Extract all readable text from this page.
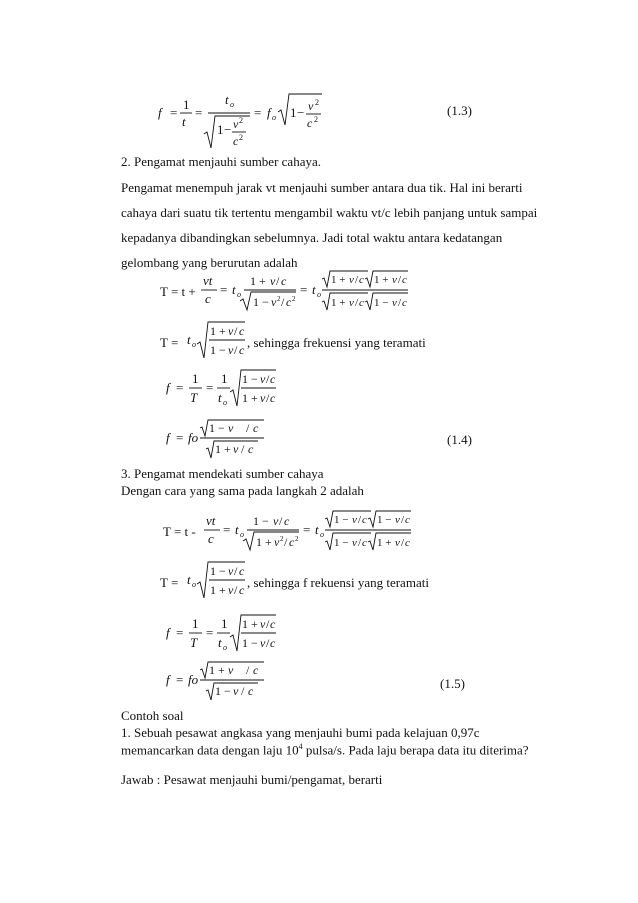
f =
1
t
=
t o
1 − v 2
c 2
= f o 1 − v 2
c 2
(1.3)
2. Pengamat menjauhi sumber cahaya.
Pengamat menempuh jarak vt menjauhi sumber antara dua tik. Hal ini berarti
cahaya dari suatu tik tertentu mengambil waktu vt/c lebih panjang untuk sampai
kepadanya dibandingkan sebelumnya. Jadi total waktu antara kedatangan
gelombang yang berurutan adalah
T = t +
vt
c
= t o
1 + v / c
1 − v 2 / c 2
= t o
1 + v / c 1 + v / c
1 + v / c 1 − v / c
T = t o
1 + v / c
1 − v / c , sehingga frekuensi yang teramati
f =
1
T
=
1
t o
1 − v / c
1 + v / c
f = fo
1 − v / c
1 + v / c
(1.4)
3. Pengamat mendekati sumber cahaya
Dengan cara yang sama pada langkah 2 adalah
T = t -
vt
c
= t o
1 − v / c
1 + v 2 / c 2
= t o
1 − v / c 1 − v / c
1 − v / c 1 + v / c
T = t o
1 − v / c
1 + v / c , sehingga f rekuensi yang teramati
f =
1
T
=
1
t o
1 + v / c
1 − v / c
f = fo
1 + v / c
1 − v / c	(1.5)
Contoh soal
1. Sebuah pesawat angkasa yang menjauhi bumi pada kelajuan 0,97c
memancarkan data dengan laju $10^4$ pulsa/s. Pada laju berapa data itu diterima?
Jawab : Pesawat menjauhi bumi/pengamat, berarti
